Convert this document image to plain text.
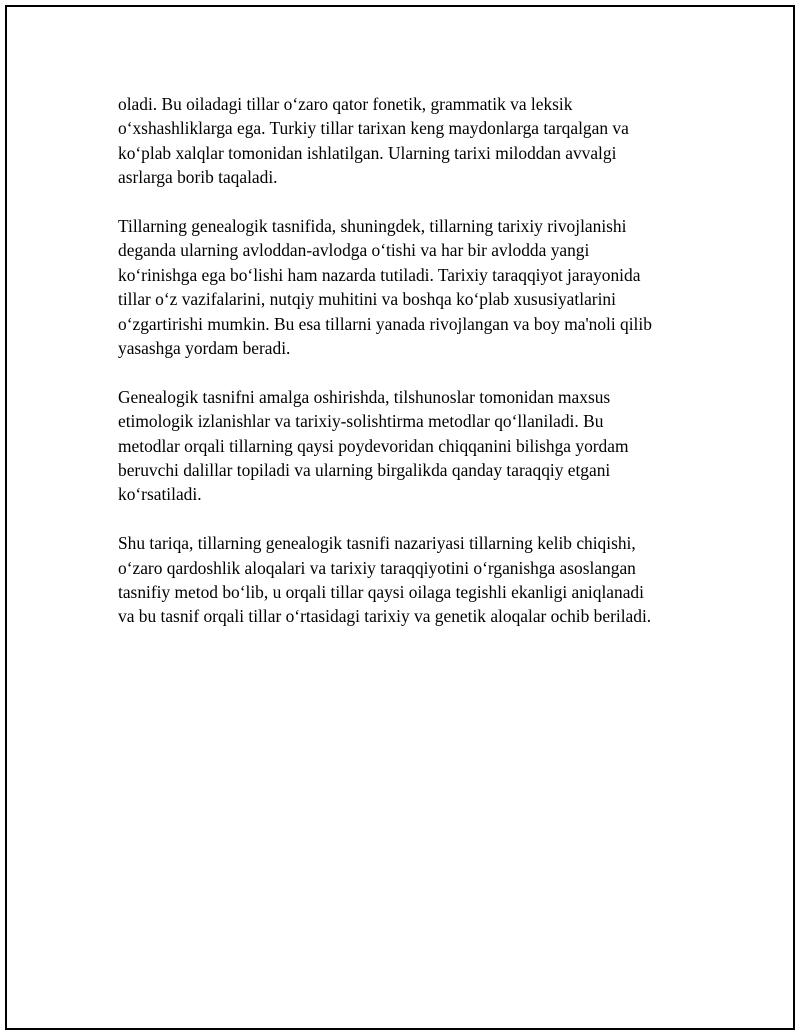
oladi. Bu oiladagi tillar o‘zaro qator fonetik, grammatik va leksik
o‘xshashliklarga ega. Turkiy tillar tarixan keng maydonlarga tarqalgan va
ko‘plab xalqlar tomonidan ishlatilgan. Ularning tarixi miloddan avvalgi
asrlarga borib taqaladi.

Tillarning genealogik tasnifida, shuningdek, tillarning tarixiy rivojlanishi
deganda ularning avloddan-avlodga o‘tishi va har bir avlodda yangi
ko‘rinishga ega bo‘lishi ham nazarda tutiladi. Tarixiy taraqqiyot jarayonida
tillar o‘z vazifalarini, nutqiy muhitini va boshqa ko‘plab xususiyatlarini
o‘zgartirishi mumkin. Bu esa tillarni yanada rivojlangan va boy ma'noli qilib
yasashga yordam beradi.

Genealogik tasnifni amalga oshirishda, tilshunoslar tomonidan maxsus
etimologik izlanishlar va tarixiy-solishtirma metodlar qo‘llaniladi. Bu
metodlar orqali tillarning qaysi poydevoridan chiqqanini bilishga yordam
beruvchi dalillar topiladi va ularning birgalikda qanday taraqqiy etgani
ko‘rsatiladi.

Shu tariqa, tillarning genealogik tasnifi nazariyasi tillarning kelib chiqishi,
o‘zaro qardoshlik aloqalari va tarixiy taraqqiyotini o‘rganishga asoslangan
tasnifiy metod bo‘lib, u orqali tillar qaysi oilaga tegishli ekanligi aniqlanadi
va bu tasnif orqali tillar o‘rtasidagi tarixiy va genetik aloqalar ochib beriladi.
